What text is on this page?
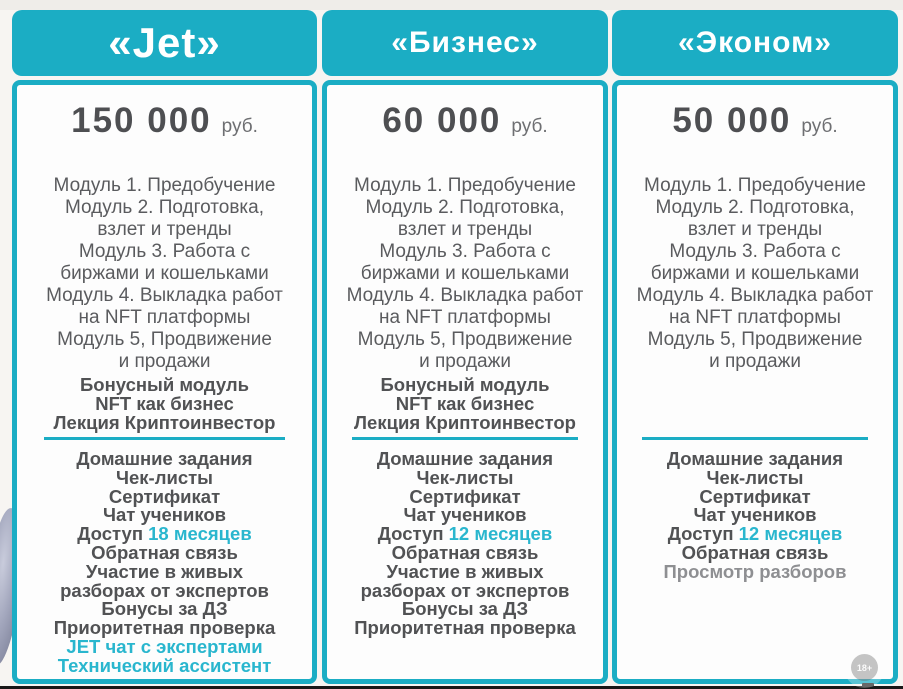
«Jet»
150 000 руб.
Модуль 1. Предобучение
Модуль 2. Подготовка,
взлет и тренды
Модуль 3. Работа с
биржами и кошельками
Модуль 4. Выкладка работ
на NFT платформы
Модуль 5, Продвижение
и продажи
Бонусный модуль
NFT как бизнес
Лекция Криптоинвестор
Домашние задания
Чек-листы
Сертификат
Чат учеников
Доступ 18 месяцев
Обратная связь
Участие в живых
разборах от экспертов
Бонусы за ДЗ
Приоритетная проверка
JET чат с экспертами
Технический ассистент
«Бизнес»
60 000 руб.
Модуль 1. Предобучение
Модуль 2. Подготовка,
взлет и тренды
Модуль 3. Работа с
биржами и кошельками
Модуль 4. Выкладка работ
на NFT платформы
Модуль 5, Продвижение
и продажи
Бонусный модуль
NFT как бизнес
Лекция Криптоинвестор
Домашние задания
Чек-листы
Сертификат
Чат учеников
Доступ 12 месяцев
Обратная связь
Участие в живых
разборах от экспертов
Бонусы за ДЗ
Приоритетная проверка
«Эконом»
50 000 руб.
Модуль 1. Предобучение
Модуль 2. Подготовка,
взлет и тренды
Модуль 3. Работа с
биржами и кошельками
Модуль 4. Выкладка работ
на NFT платформы
Модуль 5, Продвижение
и продажи
Домашние задания
Чек-листы
Сертификат
Чат учеников
Доступ 12 месяцев
Обратная связь
Просмотр разборов
18+
